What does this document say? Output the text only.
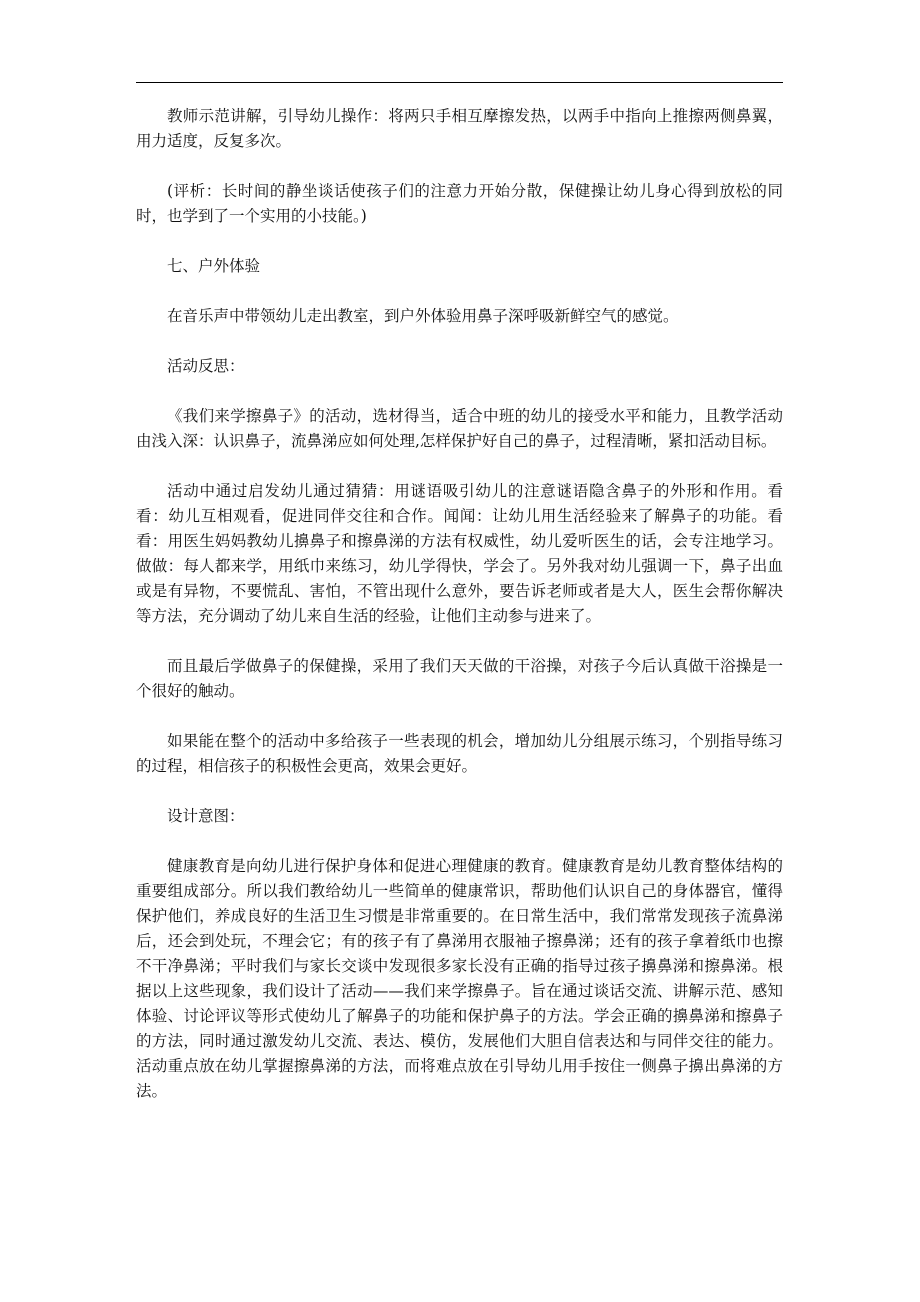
教师示范讲解，引导幼儿操作：将两只手相互摩擦发热，以两手中指向上推擦两侧鼻翼，用力适度，反复多次。

(评析：长时间的静坐谈话使孩子们的注意力开始分散，保健操让幼儿身心得到放松的同时，也学到了一个实用的小技能。)

七、户外体验

在音乐声中带领幼儿走出教室，到户外体验用鼻子深呼吸新鲜空气的感觉。

活动反思：

《我们来学擦鼻子》的活动，选材得当，适合中班的幼儿的接受水平和能力，且教学活动由浅入深：认识鼻子，流鼻涕应如何处理,怎样保护好自己的鼻子，过程清晰，紧扣活动目标。

活动中通过启发幼儿通过猜猜：用谜语吸引幼儿的注意谜语隐含鼻子的外形和作用。看看：幼儿互相观看，促进同伴交往和合作。闻闻：让幼儿用生活经验来了解鼻子的功能。看看：用医生妈妈教幼儿擤鼻子和擦鼻涕的方法有权威性，幼儿爱听医生的话，会专注地学习。做做：每人都来学，用纸巾来练习，幼儿学得快，学会了。另外我对幼儿强调一下，鼻子出血或是有异物，不要慌乱、害怕，不管出现什么意外，要告诉老师或者是大人，医生会帮你解决等方法，充分调动了幼儿来自生活的经验，让他们主动参与进来了。

而且最后学做鼻子的保健操，采用了我们天天做的干浴操，对孩子今后认真做干浴操是一个很好的触动。

如果能在整个的活动中多给孩子一些表现的机会，增加幼儿分组展示练习，个别指导练习的过程，相信孩子的积极性会更高，效果会更好。

设计意图：

健康教育是向幼儿进行保护身体和促进心理健康的教育。健康教育是幼儿教育整体结构的重要组成部分。所以我们教给幼儿一些简单的健康常识，帮助他们认识自己的身体器官，懂得保护他们，养成良好的生活卫生习惯是非常重要的。在日常生活中，我们常常发现孩子流鼻涕后，还会到处玩，不理会它；有的孩子有了鼻涕用衣服袖子擦鼻涕；还有的孩子拿着纸巾也擦不干净鼻涕；平时我们与家长交谈中发现很多家长没有正确的指导过孩子擤鼻涕和擦鼻涕。根据以上这些现象，我们设计了活动——我们来学擦鼻子。旨在通过谈话交流、讲解示范、感知体验、讨论评议等形式使幼儿了解鼻子的功能和保护鼻子的方法。学会正确的擤鼻涕和擦鼻子的方法，同时通过激发幼儿交流、表达、模仿，发展他们大胆自信表达和与同伴交往的能力。活动重点放在幼儿掌握擦鼻涕的方法，而将难点放在引导幼儿用手按住一侧鼻子擤出鼻涕的方法。
